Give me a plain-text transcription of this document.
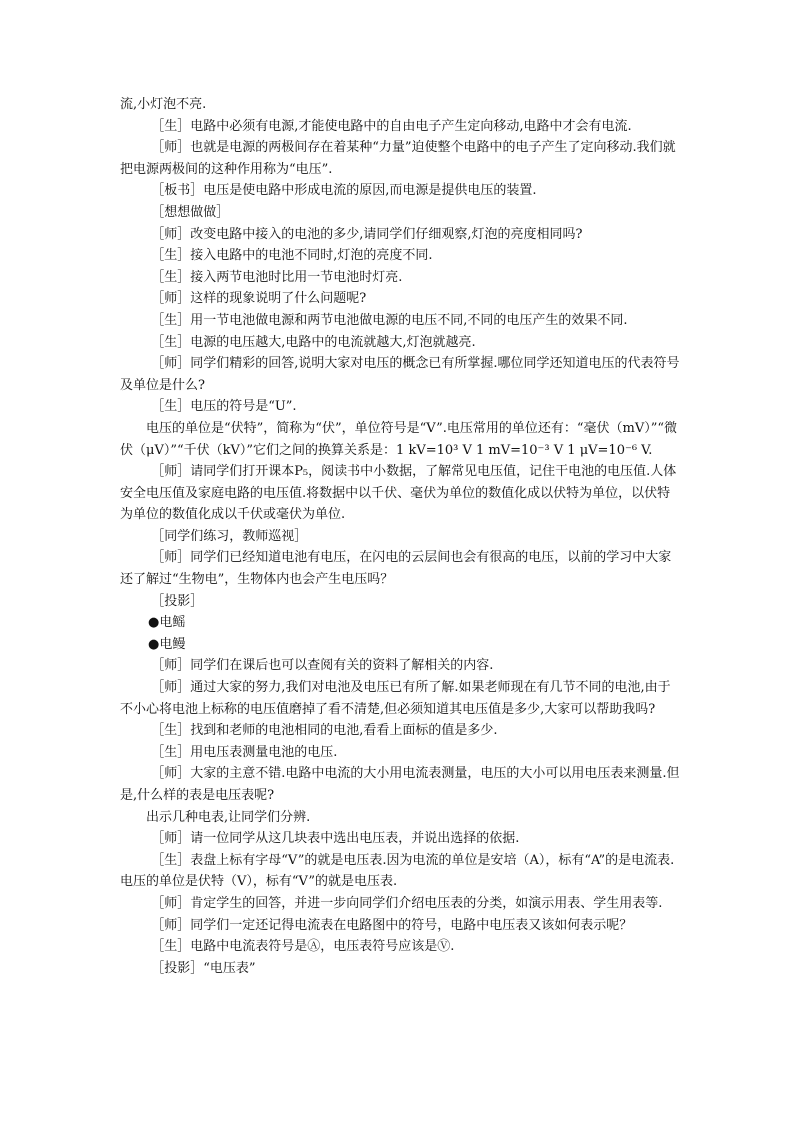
流,小灯泡不亮.

［生］电路中必须有电源,才能使电路中的自由电子产生定向移动,电路中才会有电流.

［师］也就是电源的两极间存在着某种“力量”迫使整个电路中的电子产生了定向移动.我们就把电源两极间的这种作用称为“电压”.

［板书］电压是使电路中形成电流的原因,而电源是提供电压的装置.

［想想做做］

［师］改变电路中接入的电池的多少,请同学们仔细观察,灯泡的亮度相同吗?

［生］接入电路中的电池不同时,灯泡的亮度不同.

［生］接入两节电池时比用一节电池时灯亮.

［师］这样的现象说明了什么问题呢?

［生］用一节电池做电源和两节电池做电源的电压不同,不同的电压产生的效果不同.

［生］电源的电压越大,电路中的电流就越大,灯泡就越亮.

［师］同学们精彩的回答,说明大家对电压的概念已有所掌握.哪位同学还知道电压的代表符号及单位是什么?

［生］电压的符号是“U”.

电压的单位是“伏特”，简称为“伏”，单位符号是“V”.电压常用的单位还有：“毫伏（mV）”“微伏（μV）”“千伏（kV）”它们之间的换算关系是：1 kV=10³ V 1 mV=10⁻³ V 1 μV=10⁻⁶ V.

［师］请同学们打开课本P₅，阅读书中小数据，了解常见电压值，记住干电池的电压值.人体安全电压值及家庭电路的电压值.将数据中以千伏、毫伏为单位的数值化成以伏特为单位，以伏特为单位的数值化成以千伏或毫伏为单位.

［同学们练习，教师巡视］

［师］同学们已经知道电池有电压，在闪电的云层间也会有很高的电压，以前的学习中大家还了解过“生物电”，生物体内也会产生电压吗？

［投影］

●电鳐

●电鳗

［师］同学们在课后也可以查阅有关的资料了解相关的内容.

［师］通过大家的努力,我们对电池及电压已有所了解.如果老师现在有几节不同的电池,由于不小心将电池上标称的电压值磨掉了看不清楚,但必须知道其电压值是多少,大家可以帮助我吗?

［生］找到和老师的电池相同的电池,看看上面标的值是多少.

［生］用电压表测量电池的电压.

［师］大家的主意不错.电路中电流的大小用电流表测量，电压的大小可以用电压表来测量.但是,什么样的表是电压表呢?

出示几种电表,让同学们分辨.

［师］请一位同学从这几块表中选出电压表，并说出选择的依据.

［生］表盘上标有字母“V”的就是电压表.因为电流的单位是安培（A），标有“A”的是电流表.电压的单位是伏特（V），标有“V”的就是电压表.

［师］肯定学生的回答，并进一步向同学们介绍电压表的分类，如演示用表、学生用表等.

［师］同学们一定还记得电流表在电路图中的符号，电路中电压表又该如何表示呢？

［生］电路中电流表符号是Ⓐ，电压表符号应该是Ⓥ.

［投影］“电压表”
